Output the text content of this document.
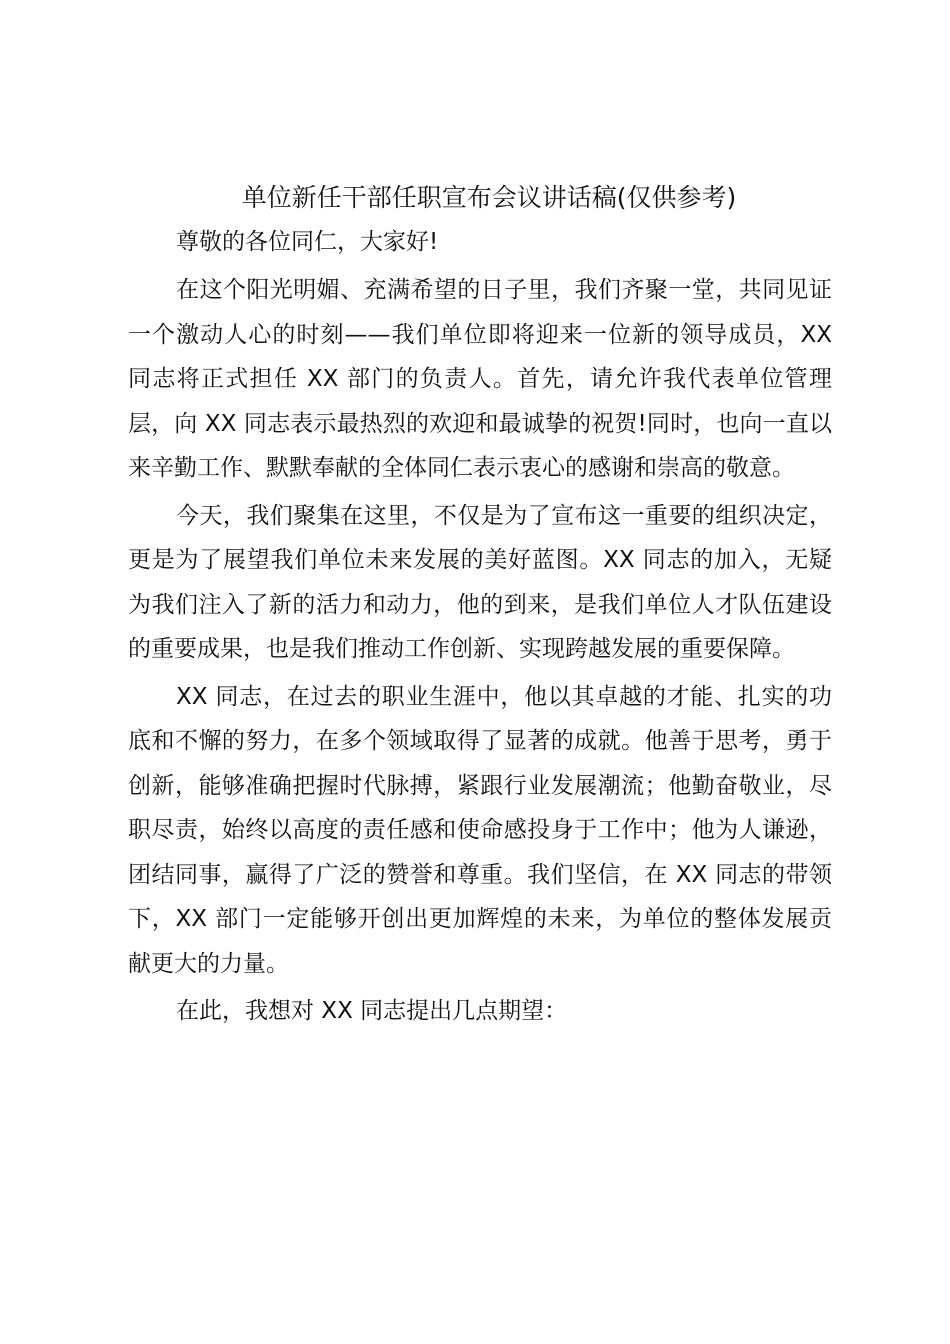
单位新任干部任职宣布会议讲话稿(仅供参考)

尊敬的各位同仁，大家好!

在这个阳光明媚、充满希望的日子里，我们齐聚一堂，共同见证一个激动人心的时刻——我们单位即将迎来一位新的领导成员，XX 同志将正式担任 XX 部门的负责人。首先，请允许我代表单位管理层，向 XX 同志表示最热烈的欢迎和最诚挚的祝贺!同时，也向一直以来辛勤工作、默默奉献的全体同仁表示衷心的感谢和崇高的敬意。

今天，我们聚集在这里，不仅是为了宣布这一重要的组织决定，更是为了展望我们单位未来发展的美好蓝图。XX 同志的加入，无疑为我们注入了新的活力和动力，他的到来，是我们单位人才队伍建设的重要成果，也是我们推动工作创新、实现跨越发展的重要保障。

XX 同志，在过去的职业生涯中，他以其卓越的才能、扎实的功底和不懈的努力，在多个领域取得了显著的成就。他善于思考，勇于创新，能够准确把握时代脉搏，紧跟行业发展潮流；他勤奋敬业，尽职尽责，始终以高度的责任感和使命感投身于工作中；他为人谦逊，团结同事，赢得了广泛的赞誉和尊重。我们坚信，在 XX 同志的带领下，XX 部门一定能够开创出更加辉煌的未来，为单位的整体发展贡献更大的力量。

在此，我想对 XX 同志提出几点期望：
